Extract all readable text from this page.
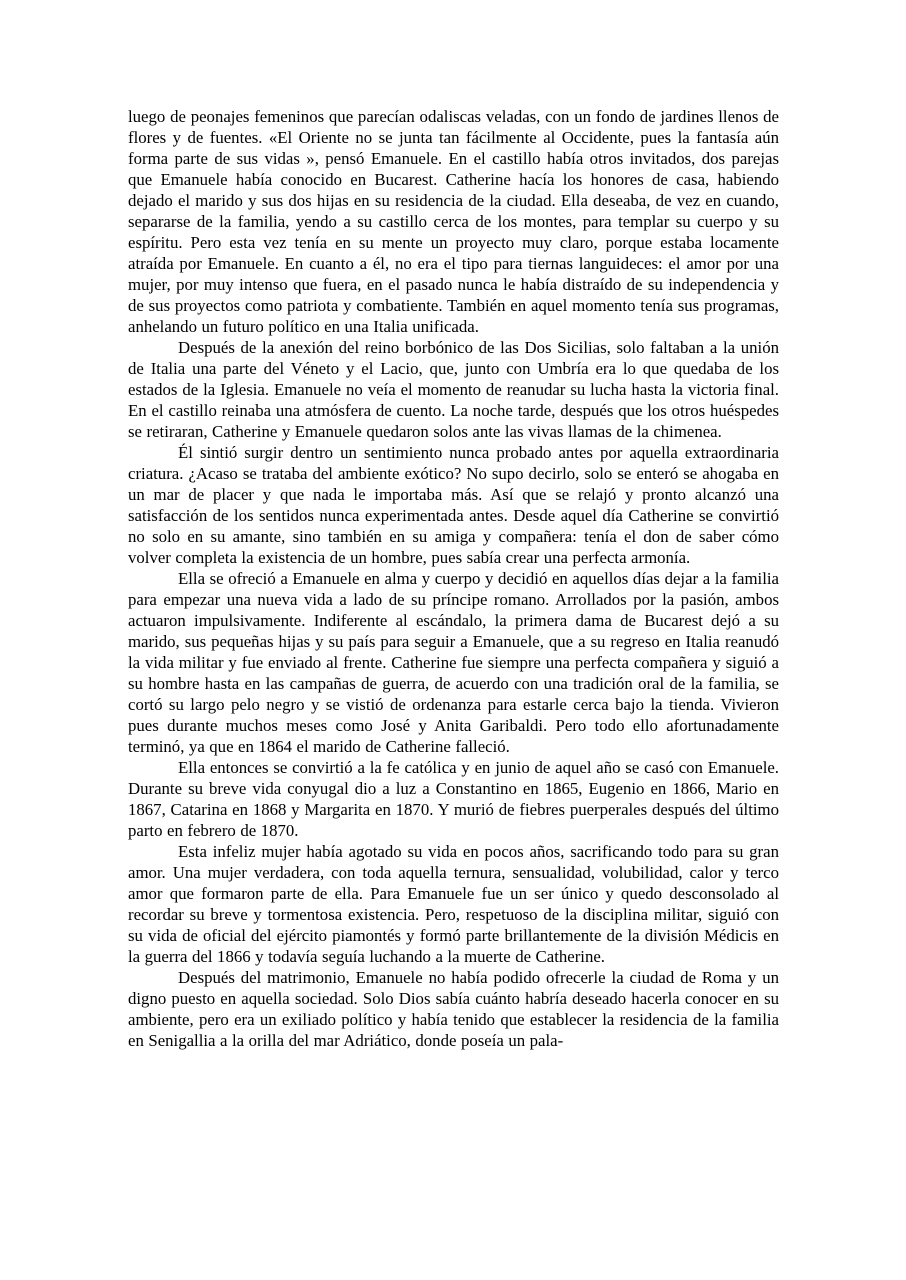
luego de peonajes femeninos que parecían odaliscas veladas, con un fondo de jardines llenos de flores y de fuentes. «El Oriente no se junta tan fácilmente al Occidente, pues la fantasía aún forma parte de sus vidas », pensó Emanuele. En el castillo había otros invitados, dos parejas que Emanuele había conocido en Bucarest. Catherine hacía los honores de casa, habiendo dejado el marido y sus dos hijas en su residencia de la ciudad. Ella deseaba, de vez en cuando, separarse de la familia, yendo a su castillo cerca de los montes, para templar su cuerpo y su espíritu. Pero esta vez tenía en su mente un proyecto muy claro, porque estaba locamente atraída por Emanuele. En cuanto a él, no era el tipo para tiernas languideces: el amor por una mujer, por muy intenso que fuera, en el pasado nunca le había distraído de su independencia y de sus proyectos como patriota y combatiente. También en aquel momento tenía sus programas, anhelando un futuro político en una Italia unificada.

Después de la anexión del reino borbónico de las Dos Sicilias, solo faltaban a la unión de Italia una parte del Véneto y el Lacio, que, junto con Umbría era lo que quedaba de los estados de la Iglesia. Emanuele no veía el momento de reanudar su lucha hasta la victoria final. En el castillo reinaba una atmósfera de cuento. La noche tarde, después que los otros huéspedes se retiraran, Catherine y Emanuele quedaron solos ante las vivas llamas de la chimenea.

Él sintió surgir dentro un sentimiento nunca probado antes por aquella extraordinaria criatura. ¿Acaso se trataba del ambiente exótico? No supo decirlo, solo se enteró se ahogaba en un mar de placer y que nada le importaba más. Así que se relajó y pronto alcanzó una satisfacción de los sentidos nunca experimentada antes. Desde aquel día Catherine se convirtió no solo en su amante, sino también en su amiga y compañera: tenía el don de saber cómo volver completa la existencia de un hombre, pues sabía crear una perfecta armonía.

Ella se ofreció a Emanuele en alma y cuerpo y decidió en aquellos días dejar a la familia para empezar una nueva vida a lado de su príncipe romano. Arrollados por la pasión, ambos actuaron impulsivamente. Indiferente al escándalo, la primera dama de Bucarest dejó a su marido, sus pequeñas hijas y su país para seguir a Emanuele, que a su regreso en Italia reanudó la vida militar y fue enviado al frente. Catherine fue siempre una perfecta compañera y siguió a su hombre hasta en las campañas de guerra, de acuerdo con una tradición oral de la familia, se cortó su largo pelo negro y se vistió de ordenanza para estarle cerca bajo la tienda. Vivieron pues durante muchos meses como José y Anita Garibaldi. Pero todo ello afortunadamente terminó, ya que en 1864 el marido de Catherine falleció.

Ella entonces se convirtió a la fe católica y en junio de aquel año se casó con Emanuele. Durante su breve vida conyugal dio a luz a Constantino en 1865, Eugenio en 1866, Mario en 1867, Catarina en 1868 y Margarita en 1870. Y murió de fiebres puerperales después del último parto en febrero de 1870.

Esta infeliz mujer había agotado su vida en pocos años, sacrificando todo para su gran amor. Una mujer verdadera, con toda aquella ternura, sensualidad, volubilidad, calor y terco amor que formaron parte de ella. Para Emanuele fue un ser único y quedo desconsolado al recordar su breve y tormentosa existencia. Pero, respetuoso de la disciplina militar, siguió con su vida de oficial del ejército piamontés y formó parte brillantemente de la división Médicis en la guerra del 1866 y todavía seguía luchando a la muerte de Catherine.

Después del matrimonio, Emanuele no había podido ofrecerle la ciudad de Roma y un digno puesto en aquella sociedad. Solo Dios sabía cuánto habría deseado hacerla conocer en su ambiente, pero era un exiliado político y había tenido que establecer la residencia de la familia en Senigallia a la orilla del mar Adriático, donde poseía un pala-
